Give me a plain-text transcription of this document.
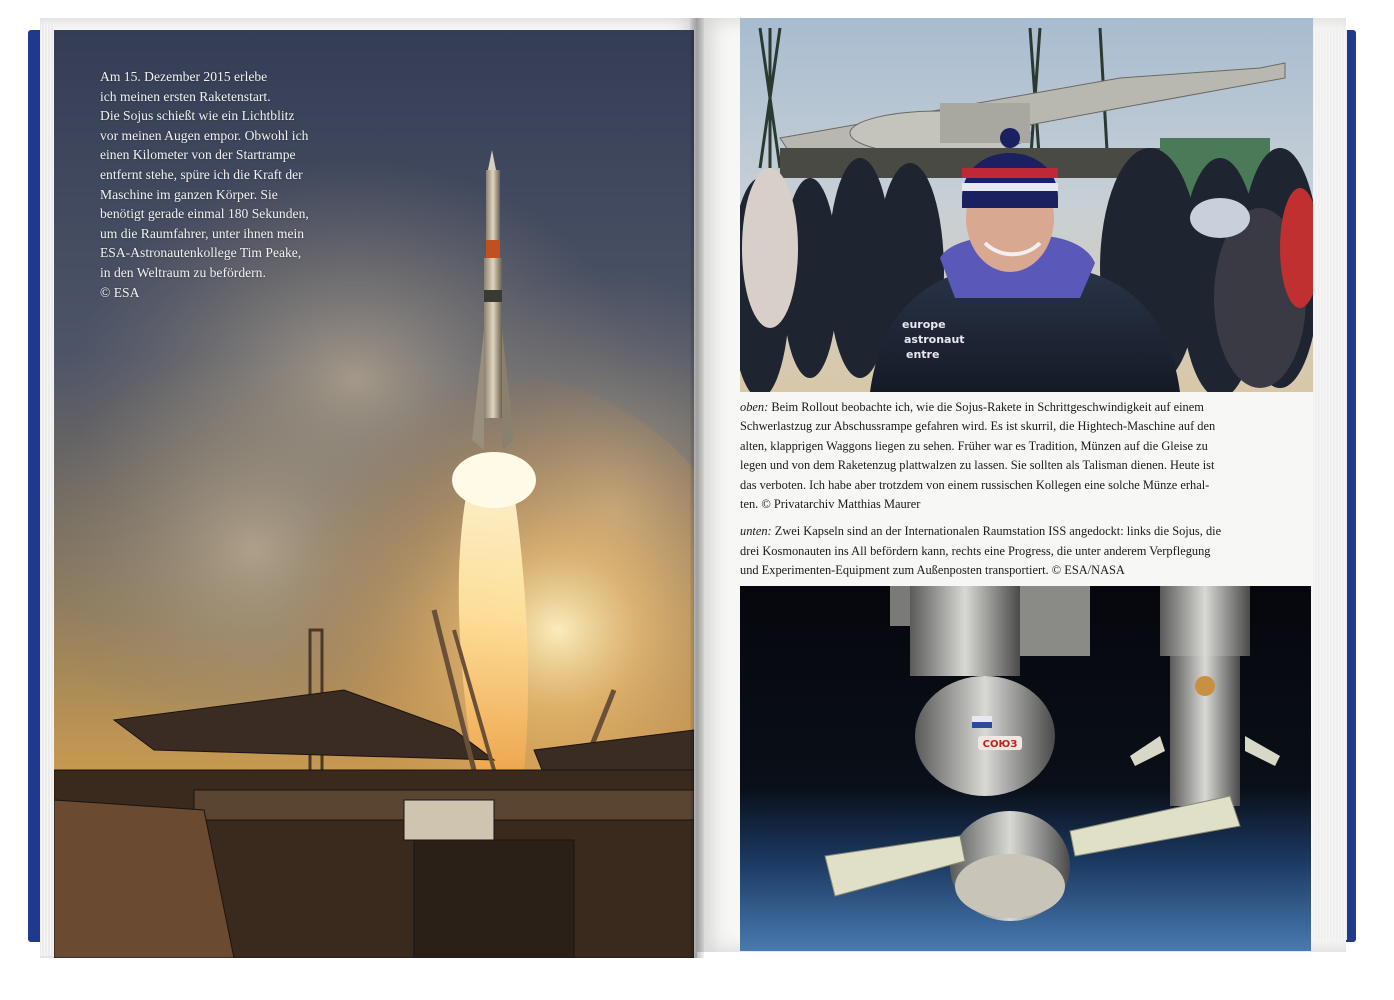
Am 15. Dezember 2015 erlebe
ich meinen ersten Raketenstart.
Die Sojus schießt wie ein Lichtblitz
vor meinen Augen empor. Obwohl ich
einen Kilometer von der Startrampe
entfernt stehe, spüre ich die Kraft der
Maschine im ganzen Körper. Sie
benötigt gerade einmal 180 Sekunden,
um die Raumfahrer, unter ihnen mein
ESA-Astronautenkollege Tim Peake,
in den Weltraum zu befördern.
© ESA
europe
astronaut
entre
oben: Beim Rollout beobachte ich, wie die Sojus-Rakete in Schrittgeschwindigkeit auf einem
Schwerlastzug zur Abschussrampe gefahren wird. Es ist skurril, die Hightech-Maschine auf den
alten, klapprigen Waggons liegen zu sehen. Früher war es Tradition, Münzen auf die Gleise zu
legen und von dem Raketenzug plattwalzen zu lassen. Sie sollten als Talisman dienen. Heute ist
das verboten. Ich habe aber trotzdem von einem russischen Kollegen eine solche Münze erhal-
ten. © Privatarchiv Matthias Maurer
unten: Zwei Kapseln sind an der Internationalen Raumstation ISS angedockt: links die Sojus, die
drei Kosmonauten ins All befördern kann, rechts eine Progress, die unter anderem Verpflegung
und Experimenten-Equipment zum Außenposten transportiert. © ESA/NASA
СОЮЗ
